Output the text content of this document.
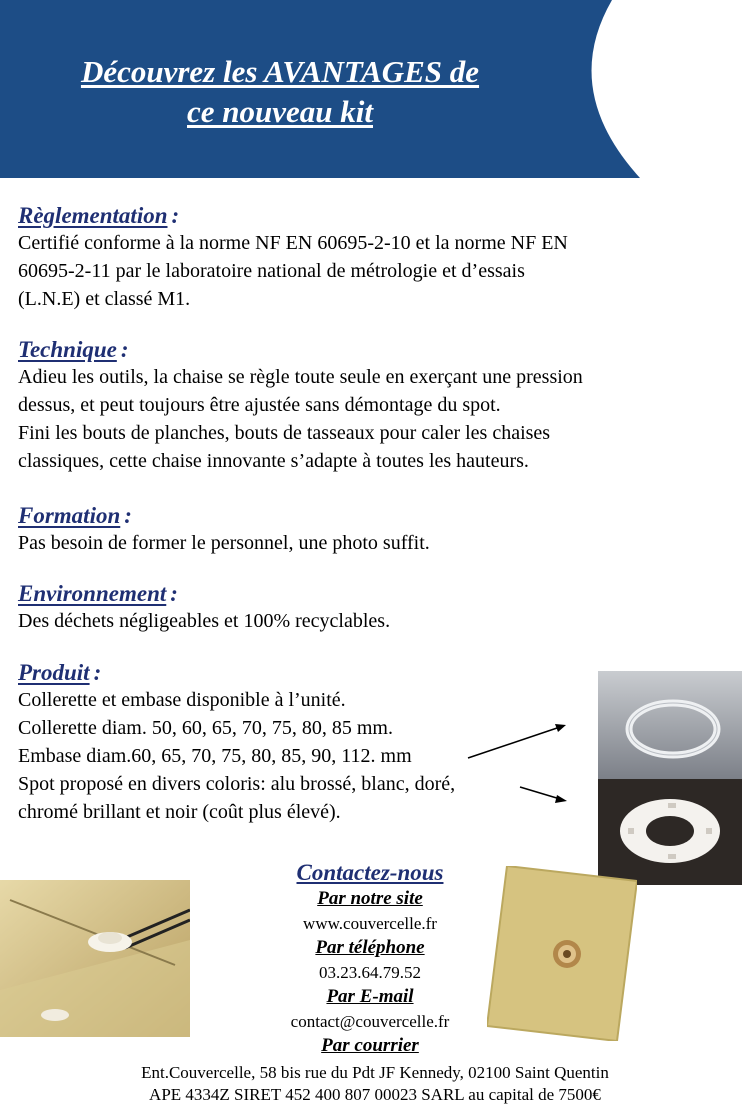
Découvrez les AVANTAGES de
ce nouveau kit
Règlementation :
Certifié conforme à la norme NF EN 60695-2-10 et la norme NF EN
60695-2-11 par le laboratoire national de métrologie et d’essais
(L.N.E) et classé M1.
Technique :
Adieu les outils, la chaise se règle toute seule en exerçant une pression
dessus, et peut toujours être ajustée sans démontage du spot.
Fini les bouts de planches, bouts de tasseaux pour caler les chaises
classiques, cette chaise innovante s’adapte à toutes les hauteurs.
Formation :
Pas besoin de former le personnel, une photo suffit.
Environnement :
Des déchets négligeables et 100% recyclables.
Produit :
Collerette et embase disponible à l’unité.
Collerette diam. 50, 60, 65, 70, 75, 80, 85 mm.
Embase diam.60, 65, 70, 75, 80, 85, 90, 112. mm
Spot proposé en divers coloris: alu brossé, blanc, doré,
chromé brillant et noir (coût plus élevé).
Contactez-nous
Par notre site
www.couvercelle.fr
Par téléphone
03.23.64.79.52
Par E-mail
contact@couvercelle.fr
Par courrier
Ent.Couvercelle, 58 bis rue du Pdt JF Kennedy, 02100 Saint Quentin
APE 4334Z SIRET 452 400 807 00023 SARL au capital de 7500€
